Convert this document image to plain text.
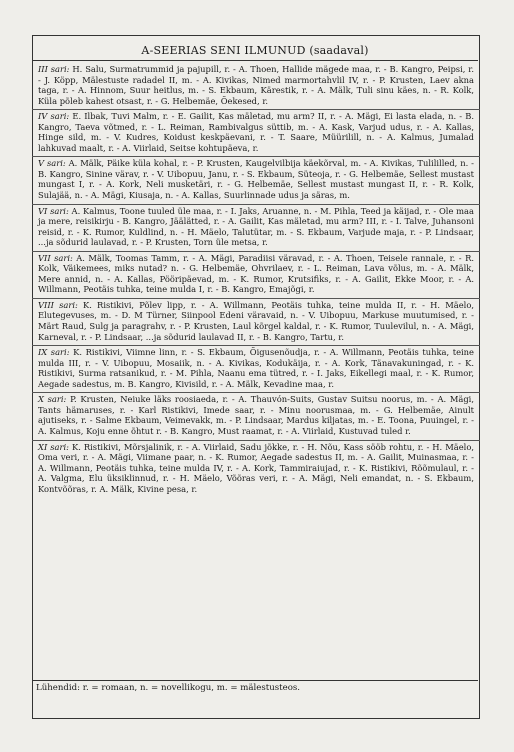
A-SEERIAS SENI ILMUNUD (saadaval)

III sari: H. Salu, Surmatrummid ja pajupill, r. - A. Thoen, Hallide mägede maa, r. - B. Kangro, Peipsi, r. - J. Köpp, Mälestuste radadel II, m. - A. Kivikas, Nimed marmortahvlil IV, r. - P. Krusten, Laev akna taga, r. - A. Hinnom, Suur heitlus, m. - S. Ekbaum, Kärestik, r. - A. Mälk, Tuli sinu käes, n. - R. Kolk, Küla põleb kahest otsast, r. - G. Helbemäe, Õekesed, r.

IV sari: E. Ilbak, Tuvi Malm, r. - E. Gailit, Kas mäletad, mu arm? II, r. - A. Mägi, Ei lasta elada, n. - B. Kangro, Taeva võtmed, r. - L. Reiman, Rambivalgus süttib, m. - A. Kask, Varjud udus, r. - A. Kallas, Hinge sild, m. - V. Kudres, Koidust keskpäevani, r. - T. Saare, Müürilill, n. - A. Kalmus, Jumalad lahkuvad maalt, r. - A. Viirlaid, Seitse kohtupäeva, r.

V sari: A. Mälk, Päike küla kohal, r. - P. Krusten, Kaugelvilbija käekõrval, m. - A. Kivikas, Tulililled, n. - B. Kangro, Sinine värav, r. - V. Uibopuu, Janu, r. - S. Ekbaum, Süteoja, r. - G. Helbemäe, Sellest mustast mungast I, r. - A. Kork, Neli musketäri, r. - G. Helbemäe, Sellest mustast mungast II, r. - R. Kolk, Sulajää, n. - A. Mägi, Kiusaja, n. - A. Kallas, Suurlinnade udus ja säras, m.

VI sari: A. Kalmus, Toone tuuled üle maa, r. - I. Jaks, Aruanne, n. - M. Pihla, Teed ja käijad, r. - Ole maa ja mere, reisikirju - B. Kangro, Jäälätted, r. - A. Gailit, Kas mäletad, mu arm? III, r. - I. Talve, Juhansoni reisid, r. - K. Rumor, Kuldlind, n. - H. Mäelo, Talutütar, m. - S. Ekbaum, Varjude maja, r. - P. Lindsaar, ...ja sõdurid laulavad, r. - P. Krusten, Torn üle metsa, r.

VII sari: A. Mälk, Toomas Tamm, r. - A. Mägi, Paradiisi väravad, r. - A. Thoen, Teisele rannale, r. - R. Kolk, Väikemees, miks nutad? n. - G. Helbemäe, Ohvrilaev, r. - L. Reiman, Lava võlus, m. - A. Mälk, Mere annid, n. - A. Kallas, Pööripäevad, m. - K. Rumor, Krutsifiks, r. - A. Gailit, Ekke Moor, r. - A. Willmann, Peotäis tuhka, teine mulda I, r. - B. Kangro, Emajõgi, r.

VIII sari: K. Ristikivi, Põlev lipp, r. - A. Willmann, Peotäis tuhka, teine mulda II, r. - H. Mäelo, Elutegevuses, m. - D. M Türner, Siinpool Edeni väravaid, n. - V. Uibopuu, Markuse muutumised, r. - Märt Raud, Sulg ja paragrahv, r. - P. Krusten, Laul kõrgel kaldal, r. - K. Rumor, Tuulevilul, n. - A. Mägi, Karneval, r. - P. Lindsaar, ...ja sõdurid laulavad II, r. - B. Kangro, Tartu, r.

IX sari: K. Ristikivi, Viimne linn, r. - S. Ekbaum, Õigusenõudja, r. - A. Willmann, Peotäis tuhka, teine mulda III, r. - V. Uibopuu, Mosaiik, n. - A. Kivikas, Kodukäija, r. - A. Kork, Tänavakuningad, r. - K. Ristikivi, Surma ratsanikud, r. - M. Pihla, Naanu ema tütred, r. - I. Jaks, Eikellegi maal, r. - K. Rumor, Aegade sadestus, m. B. Kangro, Kivisild, r. - A. Mälk, Kevadine maa, r.

X sari: P. Krusten, Neiuke läks roosiaeda, r. - A. Thauvón-Suits, Gustav Suitsu noorus, m. - A. Mägi, Tants hämaruses, r. - Karl Ristikivi, Imede saar, r. - Minu noorusmaa, m. - G. Helbemäe, Ainult ajutiseks, r. - Salme Ekbaum, Veimevakk, m. - P. Lindsaar, Mardus kiljatas, m. - E. Toona, Puuingel, r. - A. Kalmus, Koju enne õhtut r. - B. Kangro, Must raamat, r. - A. Viirlaid, Kustuvad tuled r.

XI sari: K. Ristikivi, Mõrsjalinik, r. - A. Viirlaid, Sadu jõkke, r. - H. Nõu, Kass sööb rohtu, r. - H. Mäelo, Oma veri, r. - A. Mägi, Viimane paar, n. - K. Rumor, Aegade sadestus II, m. - A. Gailit, Muinasmaa, r. - A. Willmann, Peotäis tuhka, teine mulda IV, r. - A. Kork, Tammiraiujad, r. - K. Ristikivi, Rõõmulaul, r. - A. Valgma, Elu üksiklinnud, r. - H. Mäelo, Võõras veri, r. - A. Mägi, Neli emandat, n. - S. Ekbaum, Kontvõõras, r. A. Mälk, Kivine pesa, r.

Lühendid: r. = romaan, n. = novellikogu, m. = mälestusteos.
